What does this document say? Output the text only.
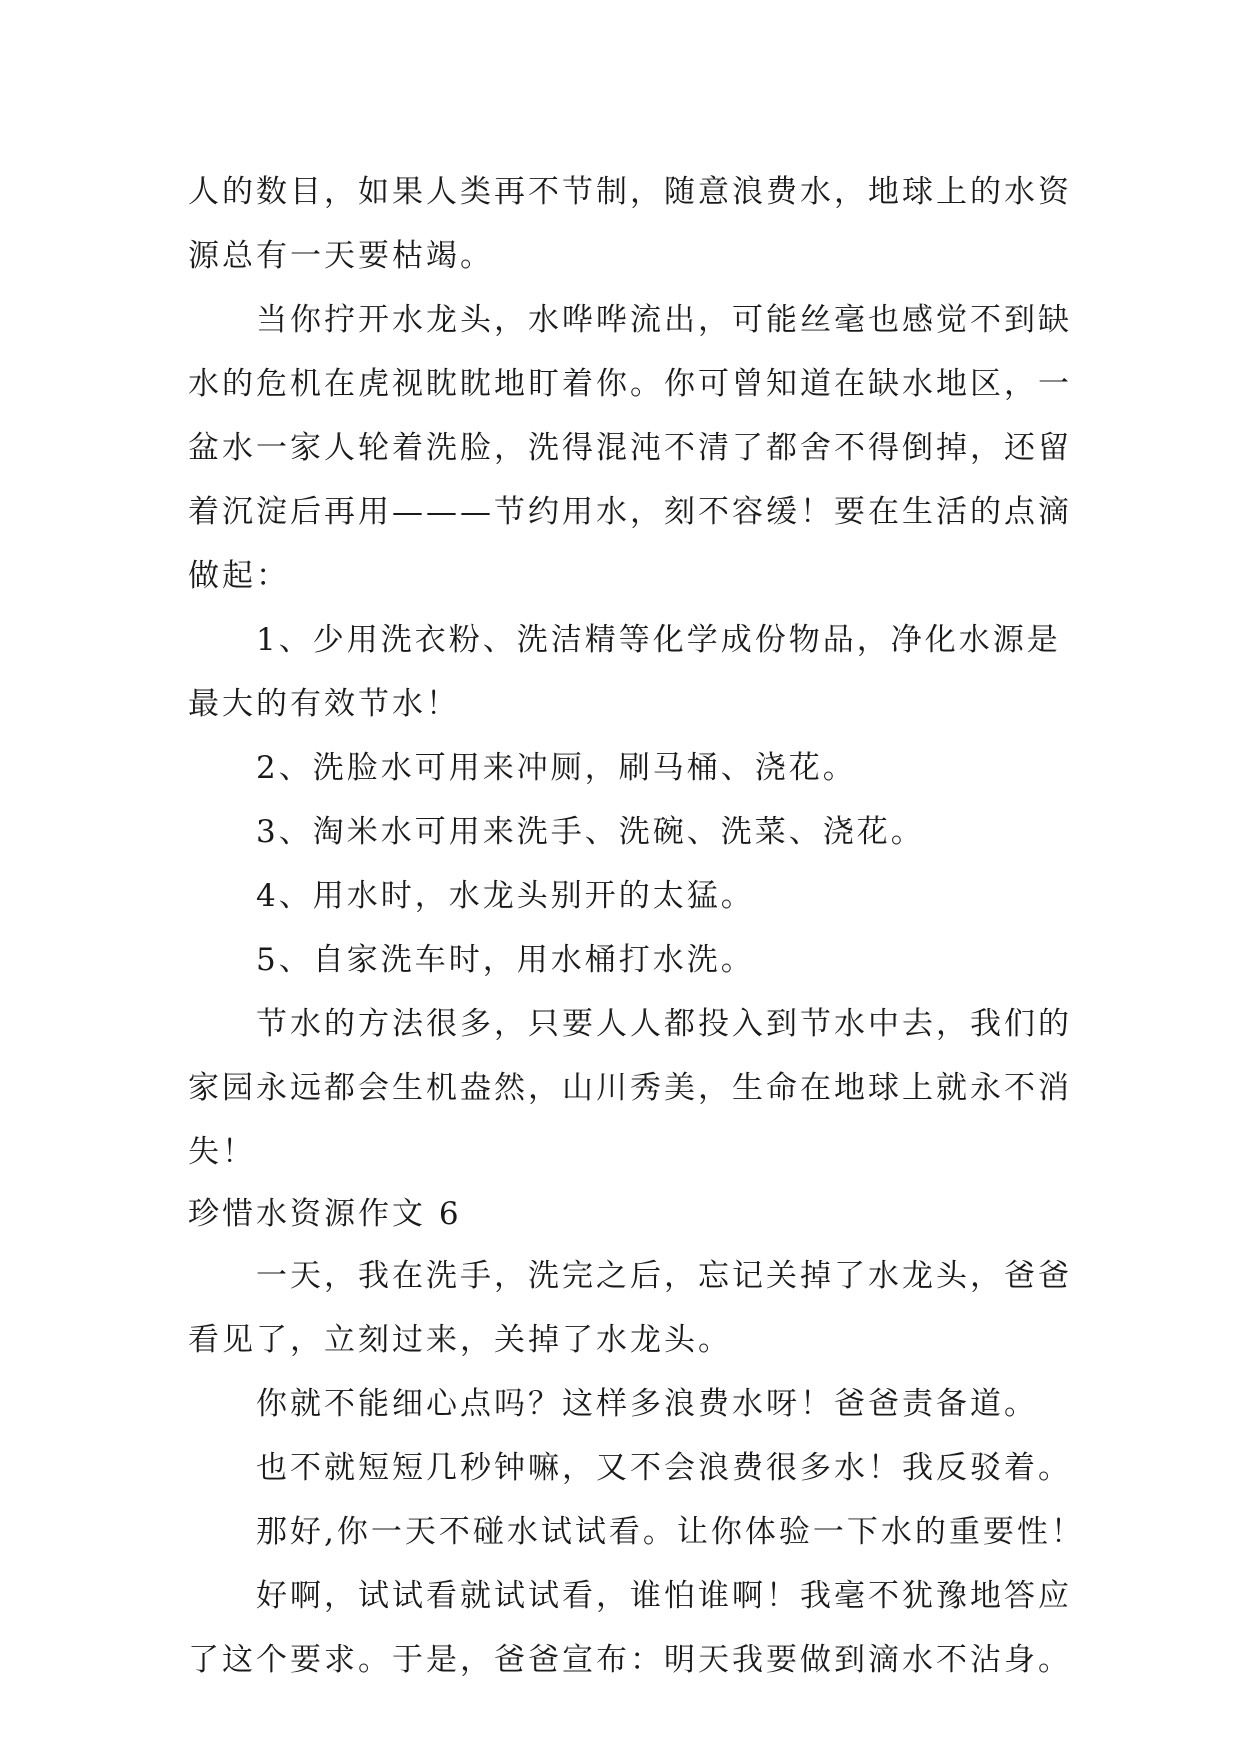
人的数目，如果人类再不节制，随意浪费水，地球上的水资
源总有一天要枯竭。
当你拧开水龙头，水哗哗流出，可能丝毫也感觉不到缺
水的危机在虎视眈眈地盯着你。你可曾知道在缺水地区，一
盆水一家人轮着洗脸，洗得混沌不清了都舍不得倒掉，还留
着沉淀后再用———节约用水，刻不容缓！要在生活的点滴
做起：
1、少用洗衣粉、洗洁精等化学成份物品，净化水源是
最大的有效节水！
2、洗脸水可用来冲厕，刷马桶、浇花。
3、淘米水可用来洗手、洗碗、洗菜、浇花。
4、用水时，水龙头别开的太猛。
5、自家洗车时，用水桶打水洗。
节水的方法很多，只要人人都投入到节水中去，我们的
家园永远都会生机盎然，山川秀美，生命在地球上就永不消
失！
珍惜水资源作文 6
一天，我在洗手，洗完之后，忘记关掉了水龙头，爸爸
看见了，立刻过来，关掉了水龙头。
你就不能细心点吗？这样多浪费水呀！爸爸责备道。
也不就短短几秒钟嘛，又不会浪费很多水！我反驳着。
那好,你一天不碰水试试看。让你体验一下水的重要性！
好啊，试试看就试试看，谁怕谁啊！我毫不犹豫地答应
了这个要求。于是，爸爸宣布：明天我要做到滴水不沾身。
